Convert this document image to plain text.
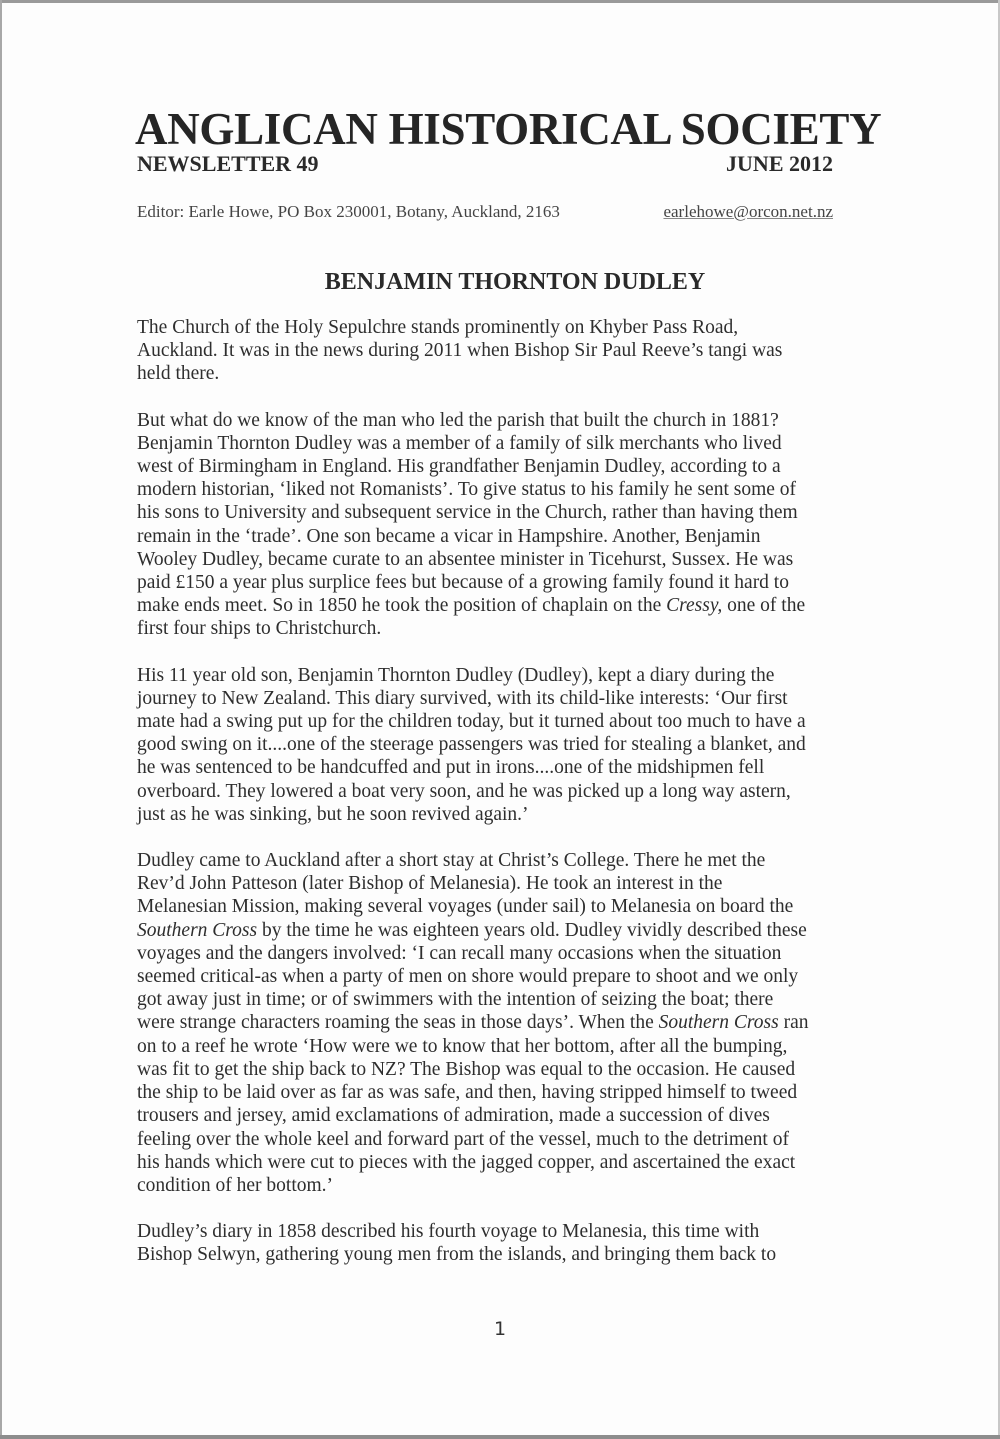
ANGLICAN HISTORICAL SOCIETY
NEWSLETTER 49	JUNE 2012
Editor: Earle Howe, PO Box 230001, Botany, Auckland, 2163	earlehowe@orcon.net.nz
BENJAMIN THORNTON DUDLEY

The Church of the Holy Sepulchre stands prominently on Khyber Pass Road,
Auckland. It was in the news during 2011 when Bishop Sir Paul Reeve’s tangi was
held there.

But what do we know of the man who led the parish that built the church in 1881?
Benjamin Thornton Dudley was a member of a family of silk merchants who lived
west of Birmingham in England. His grandfather Benjamin Dudley, according to a
modern historian, ‘liked not Romanists’. To give status to his family he sent some of
his sons to University and subsequent service in the Church, rather than having them
remain in the ‘trade’. One son became a vicar in Hampshire. Another, Benjamin
Wooley Dudley, became curate to an absentee minister in Ticehurst, Sussex. He was
paid £150 a year plus surplice fees but because of a growing family found it hard to
make ends meet. So in 1850 he took the position of chaplain on the Cressy, one of the
first four ships to Christchurch.

His 11 year old son, Benjamin Thornton Dudley (Dudley), kept a diary during the
journey to New Zealand. This diary survived, with its child-like interests: ‘Our first
mate had a swing put up for the children today, but it turned about too much to have a
good swing on it....one of the steerage passengers was tried for stealing a blanket, and
he was sentenced to be handcuffed and put in irons....one of the midshipmen fell
overboard. They lowered a boat very soon, and he was picked up a long way astern,
just as he was sinking, but he soon revived again.’

Dudley came to Auckland after a short stay at Christ’s College. There he met the
Rev’d John Patteson (later Bishop of Melanesia). He took an interest in the
Melanesian Mission, making several voyages (under sail) to Melanesia on board the
Southern Cross by the time he was eighteen years old. Dudley vividly described these
voyages and the dangers involved: ‘I can recall many occasions when the situation
seemed critical-as when a party of men on shore would prepare to shoot and we only
got away just in time; or of swimmers with the intention of seizing the boat; there
were strange characters roaming the seas in those days’. When the Southern Cross ran
on to a reef he wrote ‘How were we to know that her bottom, after all the bumping,
was fit to get the ship back to NZ? The Bishop was equal to the occasion. He caused
the ship to be laid over as far as was safe, and then, having stripped himself to tweed
trousers and jersey, amid exclamations of admiration, made a succession of dives
feeling over the whole keel and forward part of the vessel, much to the detriment of
his hands which were cut to pieces with the jagged copper, and ascertained the exact
condition of her bottom.’

Dudley’s diary in 1858 described his fourth voyage to Melanesia, this time with
Bishop Selwyn, gathering young men from the islands, and bringing them back to

1
